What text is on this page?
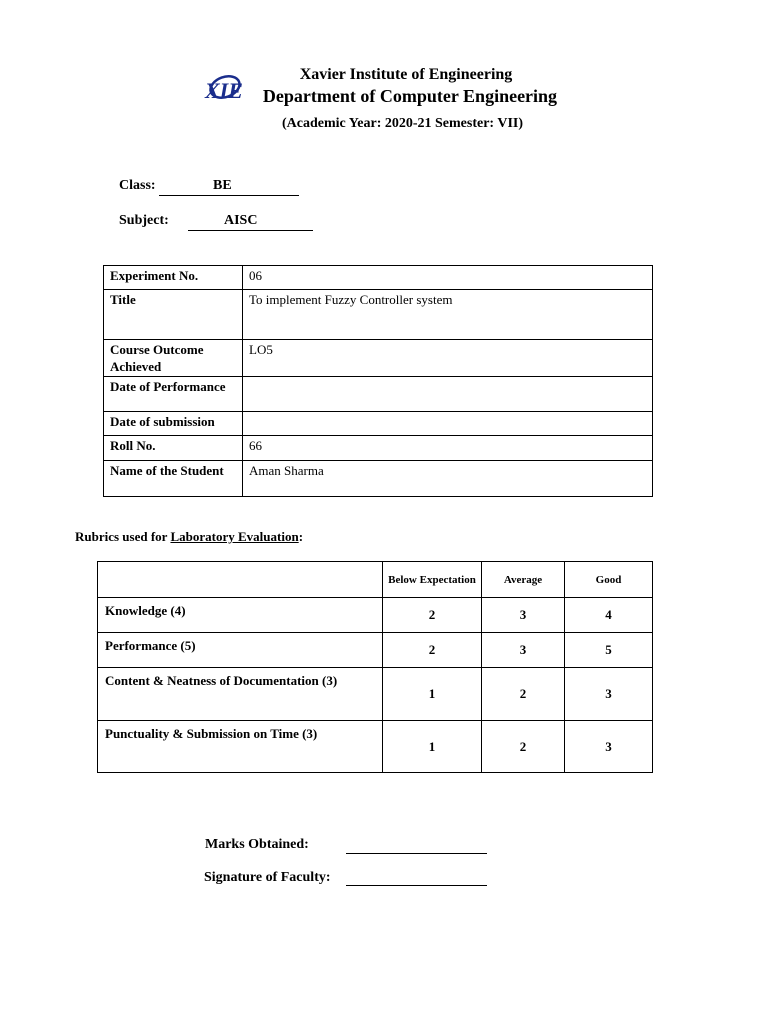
XIE
Xavier Institute of Engineering
Department of Computer Engineering
(Academic Year: 2020-21 Semester: VII)
Class:	BE
Subject:	AISC
Experiment No.	06
Title	To implement Fuzzy Controller system
Course Outcome Achieved	LO5
Date of Performance	
Date of submission	
Roll No.	66
Name of the Student	Aman Sharma
Rubrics used for Laboratory Evaluation:
	Below Expectation	Average	Good
Knowledge (4)	2	3	4
Performance (5)	2	3	5
Content & Neatness of Documentation (3)	1	2	3
Punctuality & Submission on Time (3)	1	2	3
Marks Obtained:
Signature of Faculty:
